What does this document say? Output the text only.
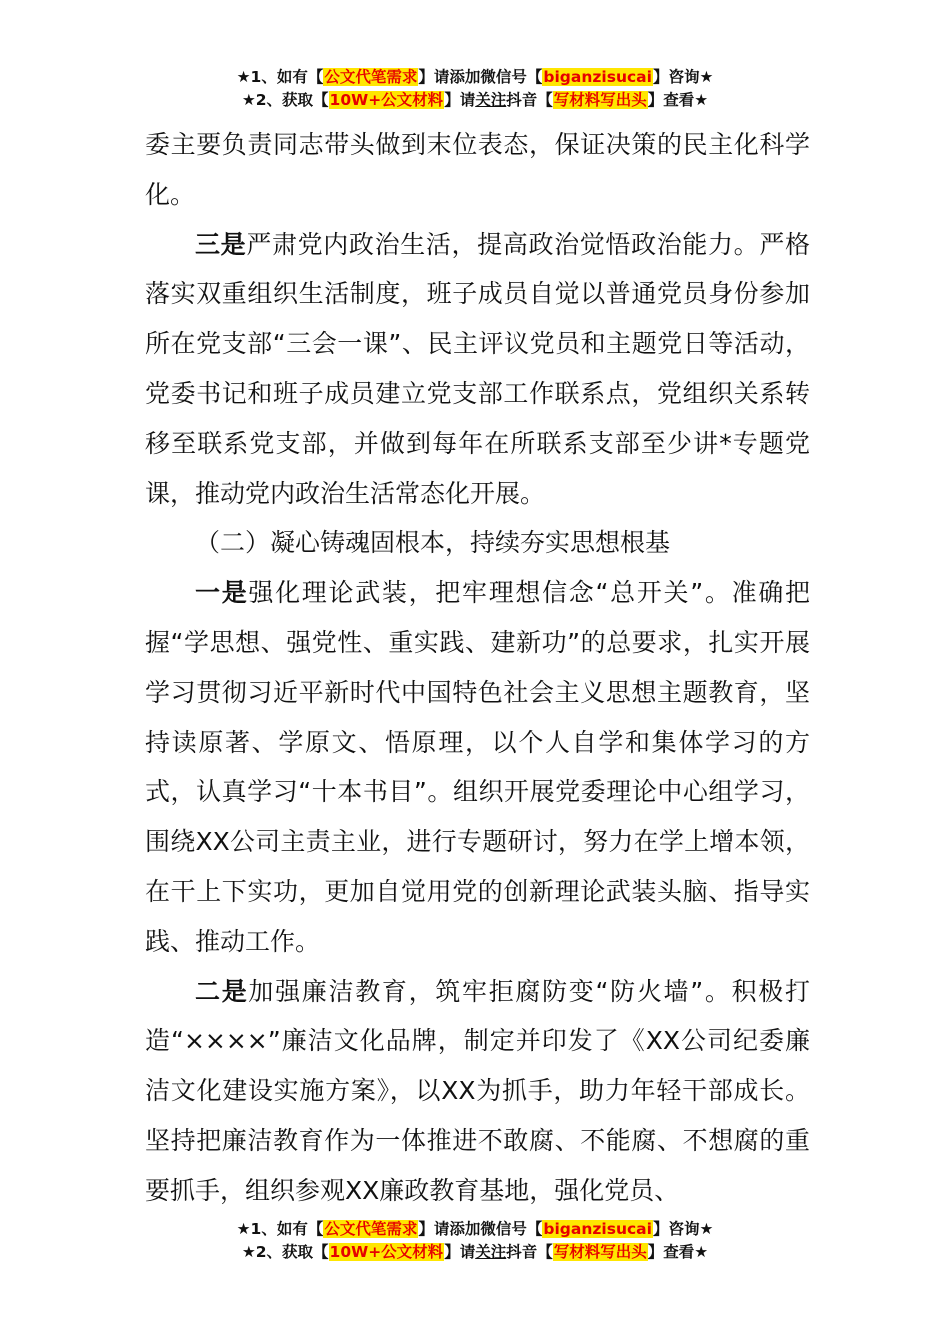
★1、如有【公文代笔需求】请添加微信号【biganzisucai】咨询★
★2、获取【10W+公文材料】请关注抖音【写材料写出头】查看★

委主要负责同志带头做到末位表态，保证决策的民主化科学化。

三是严肃党内政治生活，提高政治觉悟政治能力。严格落实双重组织生活制度，班子成员自觉以普通党员身份参加所在党支部“三会一课”、民主评议党员和主题党日等活动，党委书记和班子成员建立党支部工作联系点，党组织关系转移至联系党支部，并做到每年在所联系支部至少讲*专题党课，推动党内政治生活常态化开展。

（二）凝心铸魂固根本，持续夯实思想根基

一是强化理论武装，把牢理想信念“总开关”。准确把握“学思想、强党性、重实践、建新功”的总要求，扎实开展学习贯彻习近平新时代中国特色社会主义思想主题教育，坚持读原著、学原文、悟原理，以个人自学和集体学习的方式，认真学习“十本书目”。组织开展党委理论中心组学习，围绕XX公司主责主业，进行专题研讨，努力在学上增本领，在干上下实功，更加自觉用党的创新理论武装头脑、指导实践、推动工作。

二是加强廉洁教育，筑牢拒腐防变“防火墙”。积极打造“××××”廉洁文化品牌，制定并印发了《XX公司纪委廉洁文化建设实施方案》，以XX为抓手，助力年轻干部成长。坚持把廉洁教育作为一体推进不敢腐、不能腐、不想腐的重要抓手，组织参观XX廉政教育基地，强化党员、

★1、如有【公文代笔需求】请添加微信号【biganzisucai】咨询★
★2、获取【10W+公文材料】请关注抖音【写材料写出头】查看★
